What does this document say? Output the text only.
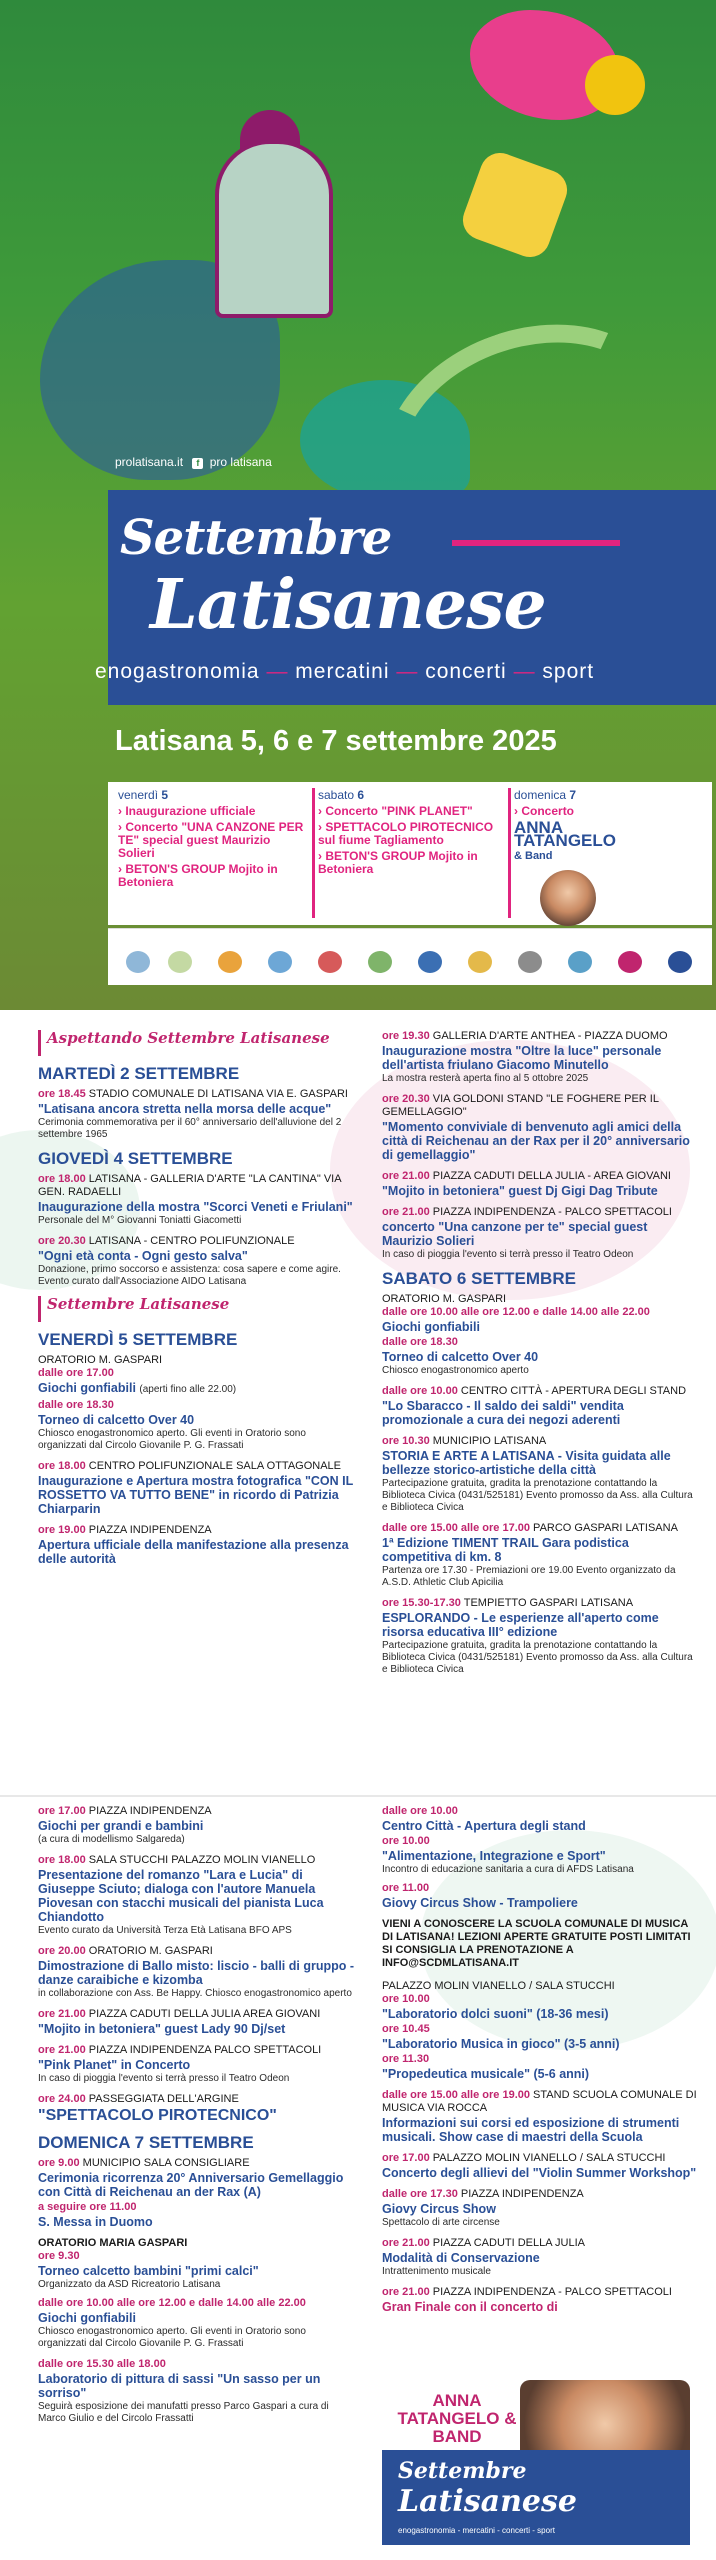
prolatisana.it f pro latisana
Settembre
Latisanese
enogastronomia — mercatini — concerti — sport
Latisana 5, 6 e 7 settembre 2025
venerdì 5
› Inaugurazione ufficiale
› Concerto "UNA CANZONE PER TE" special guest Maurizio Solieri
› BETON'S GROUP Mojito in Betoniera
sabato 6
› Concerto "PINK PLANET"
› SPETTACOLO PIROTECNICO sul fiume Tagliamento
› BETON'S GROUP Mojito in Betoniera
domenica 7
› Concerto
ANNA TATANGELO
& Band
Aspettando Settembre Latisanese
MARTEDÌ 2 SETTEMBRE

ore 18.45 STADIO COMUNALE DI LATISANA VIA E. GASPARI

"Latisana ancora stretta nella morsa delle acque"

Cerimonia commemorativa per il 60° anniversario dell'alluvione del 2 settembre 1965

GIOVEDÌ 4 SETTEMBRE

ore 18.00 LATISANA - GALLERIA D'ARTE "LA CANTINA" VIA GEN. RADAELLI

Inaugurazione della mostra "Scorci Veneti e Friulani"

Personale del M° Giovanni Toniatti Giacometti

ore 20.30 LATISANA - CENTRO POLIFUNZIONALE

"Ogni età conta - Ogni gesto salva"

Donazione, primo soccorso e assistenza: cosa sapere e come agire. Evento curato dall'Associazione AIDO Latisana

Settembre Latisanese
VENERDÌ 5 SETTEMBRE

ORATORIO M. GASPARI

dalle ore 17.00

Giochi gonfiabili (aperti fino alle 22.00)

dalle ore 18.30

Torneo di calcetto Over 40

Chiosco enogastronomico aperto. Gli eventi in Oratorio sono organizzati dal Circolo Giovanile P. G. Frassati

ore 18.00 CENTRO POLIFUNZIONALE SALA OTTAGONALE

Inaugurazione e Apertura mostra fotografica "CON IL ROSSETTO VA TUTTO BENE" in ricordo di Patrizia Chiarparin

ore 19.00 PIAZZA INDIPENDENZA

Apertura ufficiale della manifestazione alla presenza delle autorità

ore 19.30 GALLERIA D'ARTE ANTHEA - PIAZZA DUOMO

Inaugurazione mostra "Oltre la luce" personale dell'artista friulano Giacomo Minutello

La mostra resterà aperta fino al 5 ottobre 2025

ore 20.30 VIA GOLDONI STAND "LE FOGHERE PER IL GEMELLAGGIO"

"Momento conviviale di benvenuto agli amici della città di Reichenau an der Rax per il 20° anniversario di gemellaggio"

ore 21.00 PIAZZA CADUTI DELLA JULIA - AREA GIOVANI

"Mojito in betoniera" guest Dj Gigi Dag Tribute

ore 21.00 PIAZZA INDIPENDENZA - PALCO SPETTACOLI

concerto "Una canzone per te" special guest Maurizio Solieri

In caso di pioggia l'evento si terrà presso il Teatro Odeon

SABATO 6 SETTEMBRE

ORATORIO M. GASPARI

dalle ore 10.00 alle ore 12.00 e dalle 14.00 alle 22.00

Giochi gonfiabili

dalle ore 18.30

Torneo di calcetto Over 40

Chiosco enogastronomico aperto

dalle ore 10.00 CENTRO CITTÀ - APERTURA DEGLI STAND

"Lo Sbaracco - Il saldo dei saldi" vendita promozionale a cura dei negozi aderenti

ore 10.30 MUNICIPIO LATISANA

STORIA E ARTE A LATISANA - Visita guidata alle bellezze storico-artistiche della città

Partecipazione gratuita, gradita la prenotazione contattando la Biblioteca Civica (0431/525181) Evento promosso da Ass. alla Cultura e Biblioteca Civica

dalle ore 15.00 alle ore 17.00 PARCO GASPARI LATISANA

1ª Edizione TIMENT TRAIL Gara podistica competitiva di km. 8

Partenza ore 17.30 - Premiazioni ore 19.00 Evento organizzato da A.S.D. Athletic Club Apicilia

ore 15.30-17.30 TEMPIETTO GASPARI LATISANA

ESPLORANDO - Le esperienze all'aperto come risorsa educativa III° edizione

Partecipazione gratuita, gradita la prenotazione contattando la Biblioteca Civica (0431/525181) Evento promosso da Ass. alla Cultura e Biblioteca Civica

ore 17.00 PIAZZA INDIPENDENZA

Giochi per grandi e bambini

(a cura di modellismo Salgareda)

ore 18.00 SALA STUCCHI PALAZZO MOLIN VIANELLO

Presentazione del romanzo "Lara e Lucia" di Giuseppe Sciuto; dialoga con l'autore Manuela Piovesan con stacchi musicali del pianista Luca Chiandotto

Evento curato da Università Terza Età Latisana BFO APS

ore 20.00 ORATORIO M. GASPARI

Dimostrazione di Ballo misto: liscio - balli di gruppo - danze caraibiche e kizomba

in collaborazione con Ass. Be Happy. Chiosco enogastronomico aperto

ore 21.00 PIAZZA CADUTI DELLA JULIA AREA GIOVANI

"Mojito in betoniera" guest Lady 90 Dj/set

ore 21.00 PIAZZA INDIPENDENZA PALCO SPETTACOLI

"Pink Planet" in Concerto

In caso di pioggia l'evento si terrà presso il Teatro Odeon

ore 24.00 PASSEGGIATA DELL'ARGINE

"SPETTACOLO PIROTECNICO"

DOMENICA 7 SETTEMBRE

ore 9.00 MUNICIPIO SALA CONSIGLIARE

Cerimonia ricorrenza 20° Anniversario Gemellaggio con Città di Reichenau an der Rax (A)

a seguire ore 11.00

S. Messa in Duomo

ORATORIO MARIA GASPARI

ore 9.30

Torneo calcetto bambini "primi calci"

Organizzato da ASD Ricreatorio Latisana

dalle ore 10.00 alle ore 12.00 e dalle 14.00 alle 22.00

Giochi gonfiabili

Chiosco enogastronomico aperto. Gli eventi in Oratorio sono organizzati dal Circolo Giovanile P. G. Frassati

dalle ore 15.30 alle 18.00

Laboratorio di pittura di sassi "Un sasso per un sorriso"

Seguirà esposizione dei manufatti presso Parco Gaspari a cura di Marco Giulio e del Circolo Frassatti

dalle ore 10.00

Centro Città - Apertura degli stand

ore 10.00

"Alimentazione, Integrazione e Sport"

Incontro di educazione sanitaria a cura di AFDS Latisana

ore 11.00

Giovy Circus Show - Trampoliere

VIENI A CONOSCERE LA SCUOLA COMUNALE DI MUSICA DI LATISANA! LEZIONI APERTE GRATUITE POSTI LIMITATI SI CONSIGLIA LA PRENOTAZIONE A INFO@SCDMLATISANA.IT

PALAZZO MOLIN VIANELLO / SALA STUCCHI

ore 10.00

"Laboratorio dolci suoni" (18-36 mesi)

ore 10.45

"Laboratorio Musica in gioco" (3-5 anni)

ore 11.30

"Propedeutica musicale" (5-6 anni)

dalle ore 15.00 alle ore 19.00 STAND SCUOLA COMUNALE DI MUSICA VIA ROCCA

Informazioni sui corsi ed esposizione di strumenti musicali. Show case di maestri della Scuola

ore 17.00 PALAZZO MOLIN VIANELLO / SALA STUCCHI

Concerto degli allievi del "Violin Summer Workshop"

dalle ore 17.30 PIAZZA INDIPENDENZA

Giovy Circus Show

Spettacolo di arte circense

ore 21.00 PIAZZA CADUTI DELLA JULIA

Modalità di Conservazione

Intrattenimento musicale

ore 21.00 PIAZZA INDIPENDENZA - PALCO SPETTACOLI

Gran Finale con il concerto di

ANNA TATANGELO & BAND
Settembre
Latisanese
enogastronomia - mercatini - concerti - sport
